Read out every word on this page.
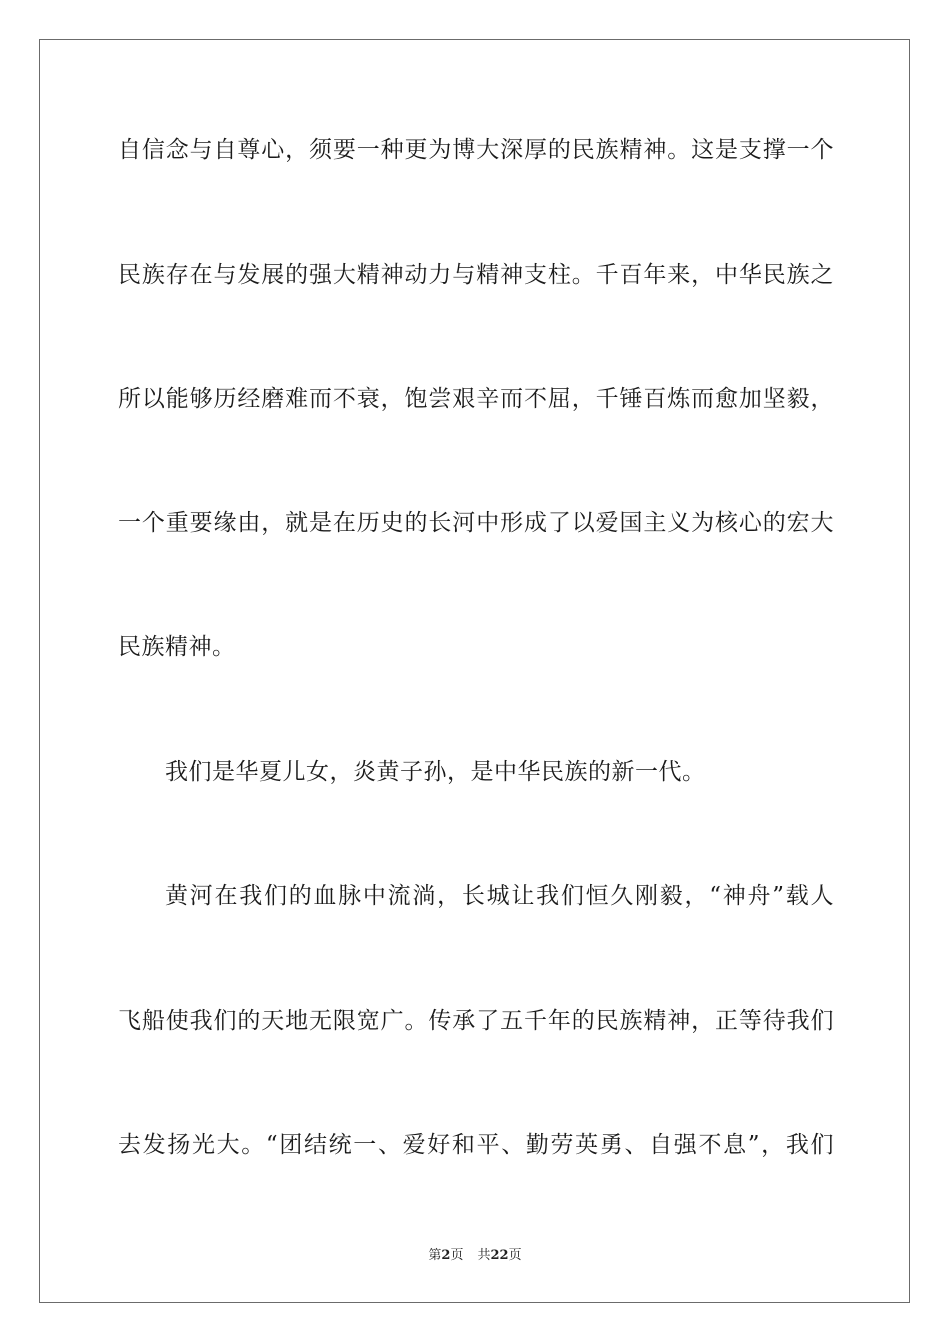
自信念与自尊心，须要一种更为博大深厚的民族精神。这是支撑一个
民族存在与发展的强大精神动力与精神支柱。千百年来，中华民族之
所以能够历经磨难而不衰，饱尝艰辛而不屈，千锤百炼而愈加坚毅，
一个重要缘由，就是在历史的长河中形成了以爱国主义为核心的宏大
民族精神。
我们是华夏儿女，炎黄子孙，是中华民族的新一代。
黄河在我们的血脉中流淌，长城让我们恒久刚毅，“神舟”载人
飞船使我们的天地无限宽广。传承了五千年的民族精神，正等待我们
去发扬光大。“团结统一、爱好和平、勤劳英勇、自强不息”，我们
第2页 共22页
